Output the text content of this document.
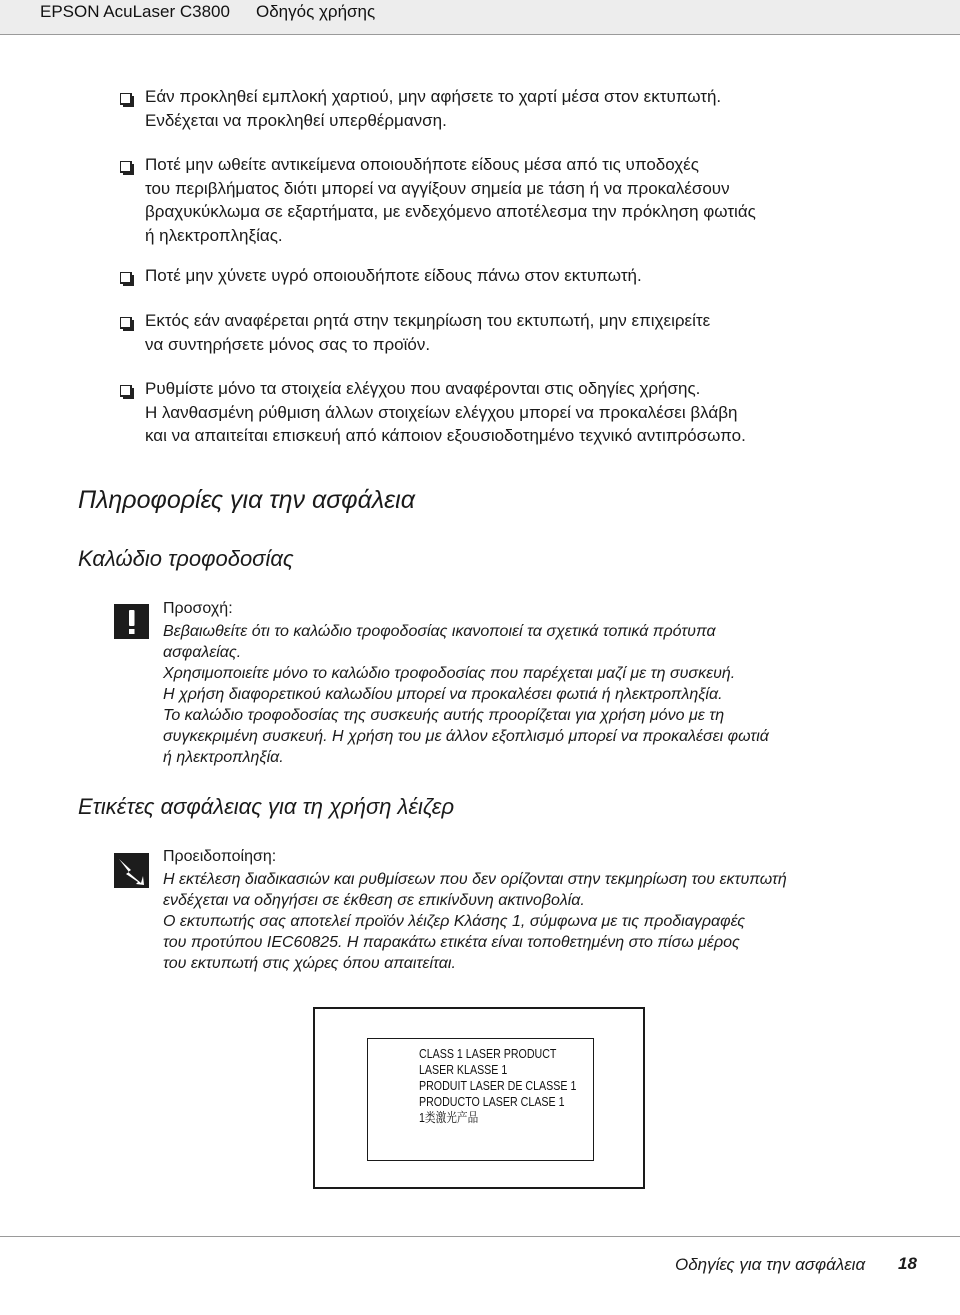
EPSON AcuLaser C3800 Οδηγός χρήσης
Εάν προκληθεί εμπλοκή χαρτιού, μην αφήσετε το χαρτί μέσα στον εκτυπωτή.
Ενδέχεται να προκληθεί υπερθέρμανση.
Ποτέ μην ωθείτε αντικείμενα οποιουδήποτε είδους μέσα από τις υποδοχές
του περιβλήματος διότι μπορεί να αγγίξουν σημεία με τάση ή να προκαλέσουν
βραχυκύκλωμα σε εξαρτήματα, με ενδεχόμενο αποτέλεσμα την πρόκληση φωτιάς
ή ηλεκτροπληξίας.
Ποτέ μην χύνετε υγρό οποιουδήποτε είδους πάνω στον εκτυπωτή.
Εκτός εάν αναφέρεται ρητά στην τεκμηρίωση του εκτυπωτή, μην επιχειρείτε
να συντηρήσετε μόνος σας το προϊόν.
Ρυθμίστε μόνο τα στοιχεία ελέγχου που αναφέρονται στις οδηγίες χρήσης.
Η λανθασμένη ρύθμιση άλλων στοιχείων ελέγχου μπορεί να προκαλέσει βλάβη
και να απαιτείται επισκευή από κάποιον εξουσιοδοτημένο τεχνικό αντιπρόσωπο.
Πληροφορίες για την ασφάλεια
Καλώδιο τροφοδοσίας
Προσοχή:

Βεβαιωθείτε ότι το καλώδιο τροφοδοσίας ικανοποιεί τα σχετικά τοπικά πρότυπα
ασφαλείας.

Χρησιμοποιείτε μόνο το καλώδιο τροφοδοσίας που παρέχεται μαζί με τη συσκευή.
Η χρήση διαφορετικού καλωδίου μπορεί να προκαλέσει φωτιά ή ηλεκτροπληξία.

Το καλώδιο τροφοδοσίας της συσκευής αυτής προορίζεται για χρήση μόνο με τη
συγκεκριμένη συσκευή. Η χρήση του με άλλον εξοπλισμό μπορεί να προκαλέσει φωτιά
ή ηλεκτροπληξία.

Ετικέτες ασφάλειας για τη χρήση λέιζερ
Προειδοποίηση:

Η εκτέλεση διαδικασιών και ρυθμίσεων που δεν ορίζονται στην τεκμηρίωση του εκτυπωτή
ενδέχεται να οδηγήσει σε έκθεση σε επικίνδυνη ακτινοβολία.

Ο εκτυπωτής σας αποτελεί προϊόν λέιζερ Κλάσης 1, σύμφωνα με τις προδιαγραφές
του προτύπου IEC60825. Η παρακάτω ετικέτα είναι τοποθετημένη στο πίσω μέρος
του εκτυπωτή στις χώρες όπου απαιτείται.

CLASS 1 LASER PRODUCT
LASER KLASSE 1
PRODUIT LASER DE CLASSE 1
PRODUCTO LASER CLASE 1
1类激光产品
Οδηγίες για την ασφάλεια 18
